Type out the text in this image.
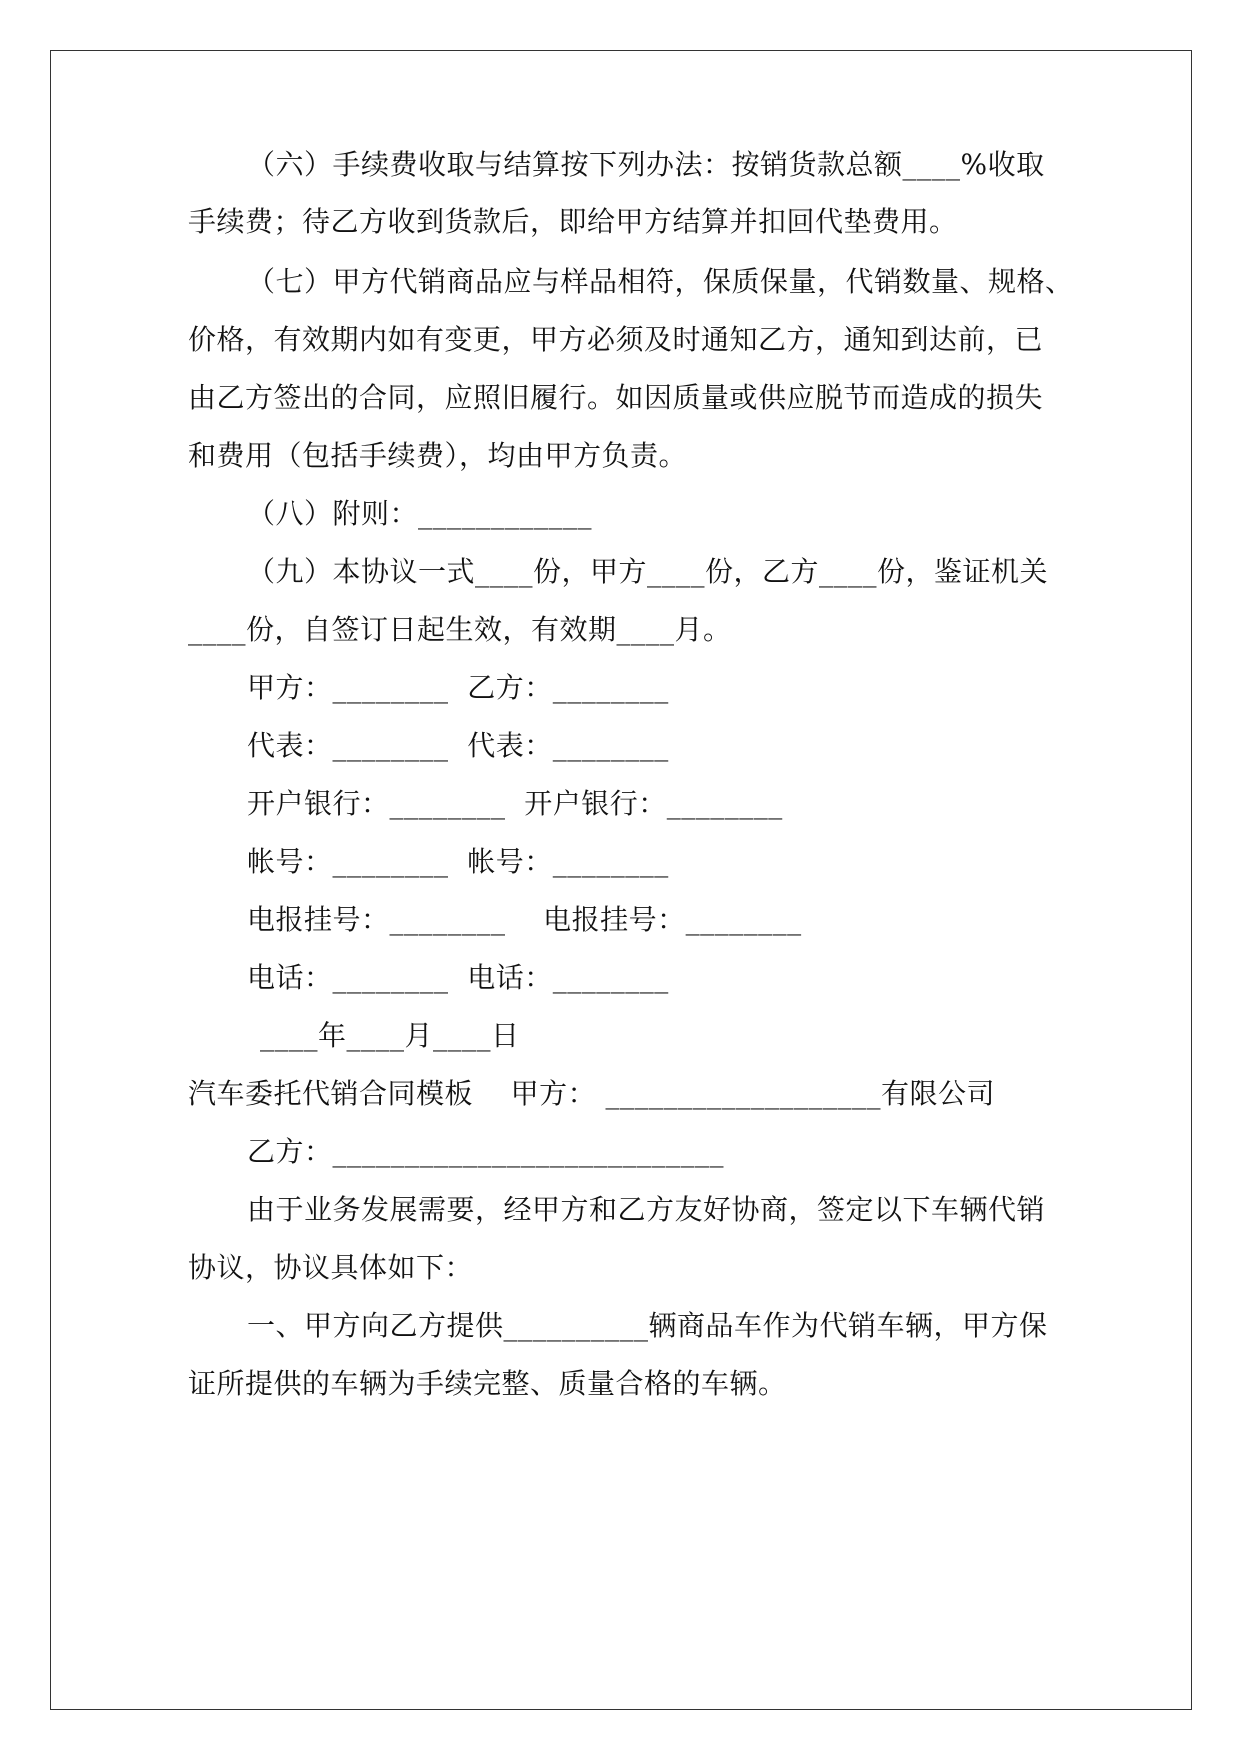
（六）手续费收取与结算按下列办法：按销货款总额____%收取
手续费；待乙方收到货款后，即给甲方结算并扣回代垫费用。
（七）甲方代销商品应与样品相符，保质保量，代销数量、规格、
价格，有效期内如有变更，甲方必须及时通知乙方，通知到达前，已
由乙方签出的合同，应照旧履行。如因质量或供应脱节而造成的损失
和费用（包括手续费），均由甲方负责。
（八）附则：____________
（九）本协议一式____份，甲方____份，乙方____份，鉴证机关
____份，自签订日起生效，有效期____月。
甲方：________  乙方：________
代表：________  代表：________
开户银行：________  开户银行：________
帐号：________  帐号：________
电报挂号：________    电报挂号：________
电话：________  电话：________
____年____月____日
汽车委托代销合同模板    甲方： ___________________有限公司
乙方：___________________________
由于业务发展需要，经甲方和乙方友好协商，签定以下车辆代销
协议，协议具体如下：
一、甲方向乙方提供__________辆商品车作为代销车辆，甲方保
证所提供的车辆为手续完整、质量合格的车辆。
